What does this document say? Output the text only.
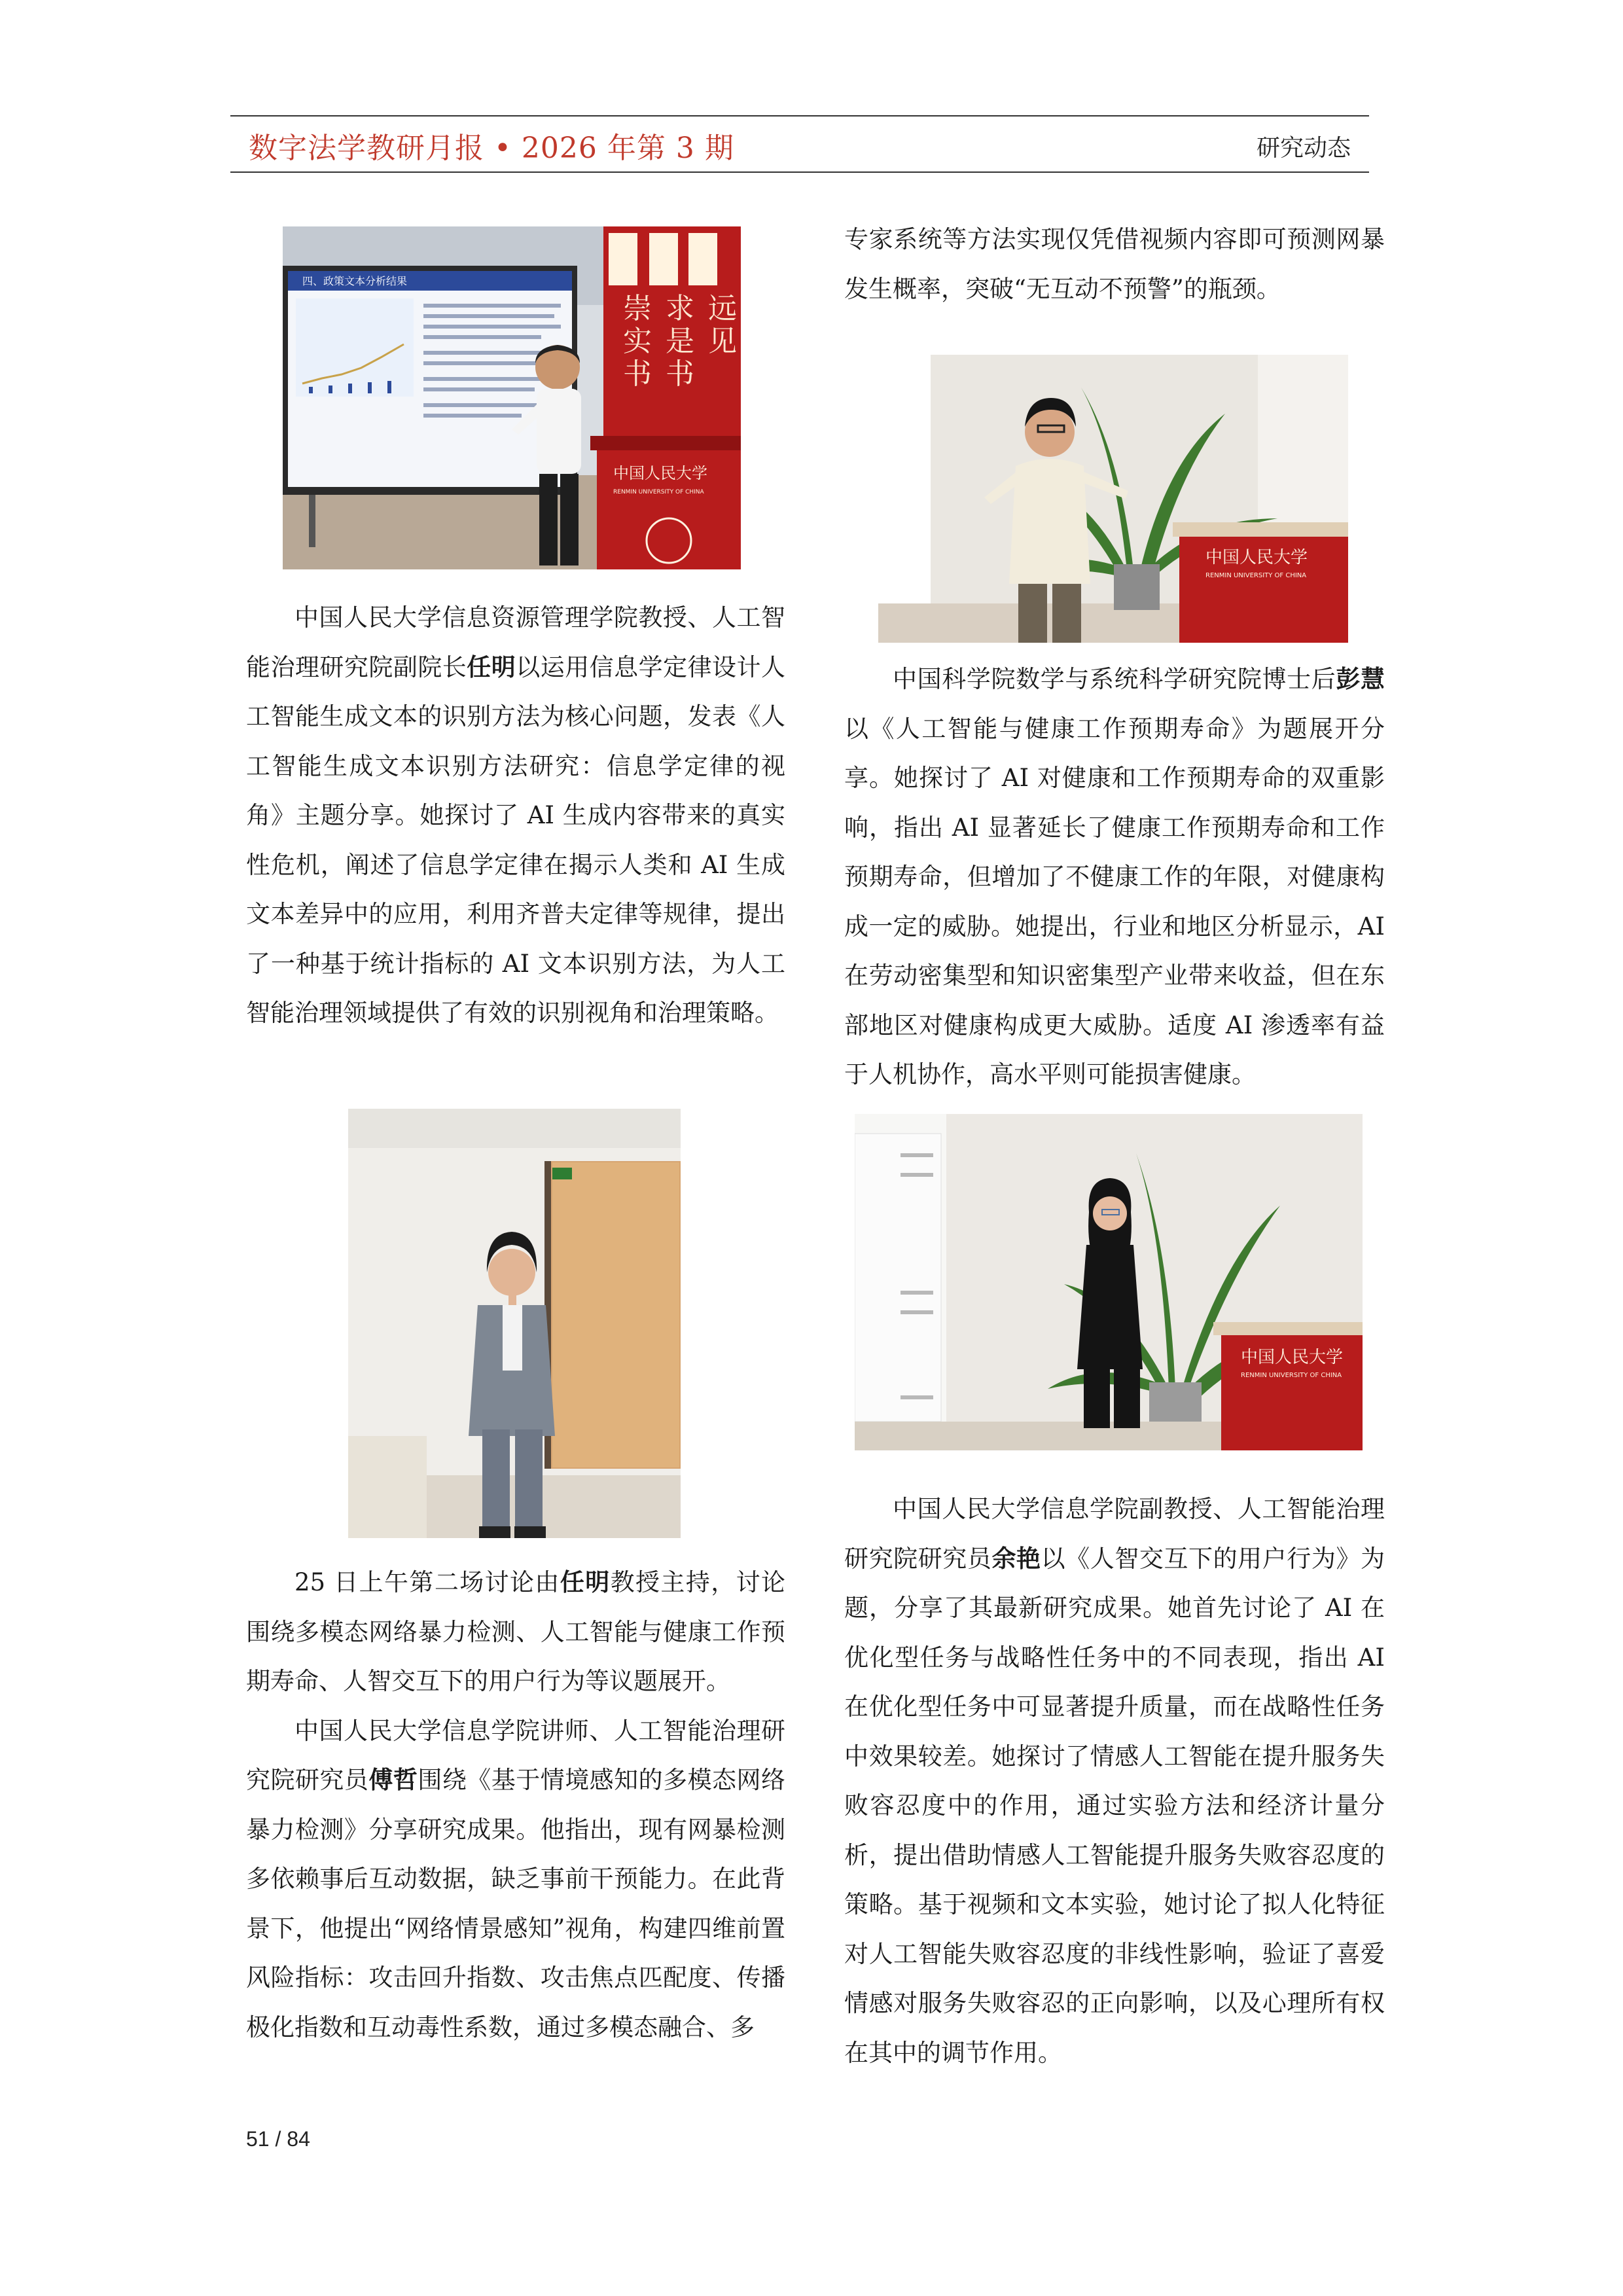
数字法学教研月报 • 2026 年第 3 期	研究动态
崇
实
书
求
是
书
远
见
四、政策文本分析结果
中国人民大学
RENMIN UNIVERSITY OF CHINA

中国人民大学信息资源管理学院教授、人工智能治理研究院副院长任明以运用信息学定律设计人工智能生成文本的识别方法为核心问题，发表《人工智能生成文本识别方法研究：信息学定律的视角》主题分享。她探讨了 AI 生成内容带来的真实性危机，阐述了信息学定律在揭示人类和 AI 生成文本差异中的应用，利用齐普夫定律等规律，提出了一种基于统计指标的 AI 文本识别方法，为人工智能治理领域提供了有效的识别视角和治理策略。

25 日上午第二场讨论由任明教授主持，讨论围绕多模态网络暴力检测、人工智能与健康工作预期寿命、人智交互下的用户行为等议题展开。

中国人民大学信息学院讲师、人工智能治理研究院研究员傅哲围绕《基于情境感知的多模态网络暴力检测》分享研究成果。他指出，现有网暴检测多依赖事后互动数据，缺乏事前干预能力。在此背景下，他提出“网络情景感知”视角，构建四维前置风险指标：攻击回升指数、攻击焦点匹配度、传播极化指数和互动毒性系数，通过多模态融合、多

专家系统等方法实现仅凭借视频内容即可预测网暴发生概率，突破“无互动不预警”的瓶颈。

中国人民大学
RENMIN UNIVERSITY OF CHINA

中国科学院数学与系统科学研究院博士后彭慧以《人工智能与健康工作预期寿命》为题展开分享。她探讨了 AI 对健康和工作预期寿命的双重影响，指出 AI 显著延长了健康工作预期寿命和工作预期寿命，但增加了不健康工作的年限，对健康构成一定的威胁。她提出，行业和地区分析显示，AI 在劳动密集型和知识密集型产业带来收益，但在东部地区对健康构成更大威胁。适度 AI 渗透率有益于人机协作，高水平则可能损害健康。

中国人民大学
RENMIN UNIVERSITY OF CHINA

中国人民大学信息学院副教授、人工智能治理研究院研究员余艳以《人智交互下的用户行为》为题，分享了其最新研究成果。她首先讨论了 AI 在优化型任务与战略性任务中的不同表现，指出 AI 在优化型任务中可显著提升质量，而在战略性任务中效果较差。她探讨了情感人工智能在提升服务失败容忍度中的作用，通过实验方法和经济计量分析，提出借助情感人工智能提升服务失败容忍度的策略。基于视频和文本实验，她讨论了拟人化特征对人工智能失败容忍度的非线性影响，验证了喜爱情感对服务失败容忍的正向影响，以及心理所有权在其中的调节作用。

51 / 84
